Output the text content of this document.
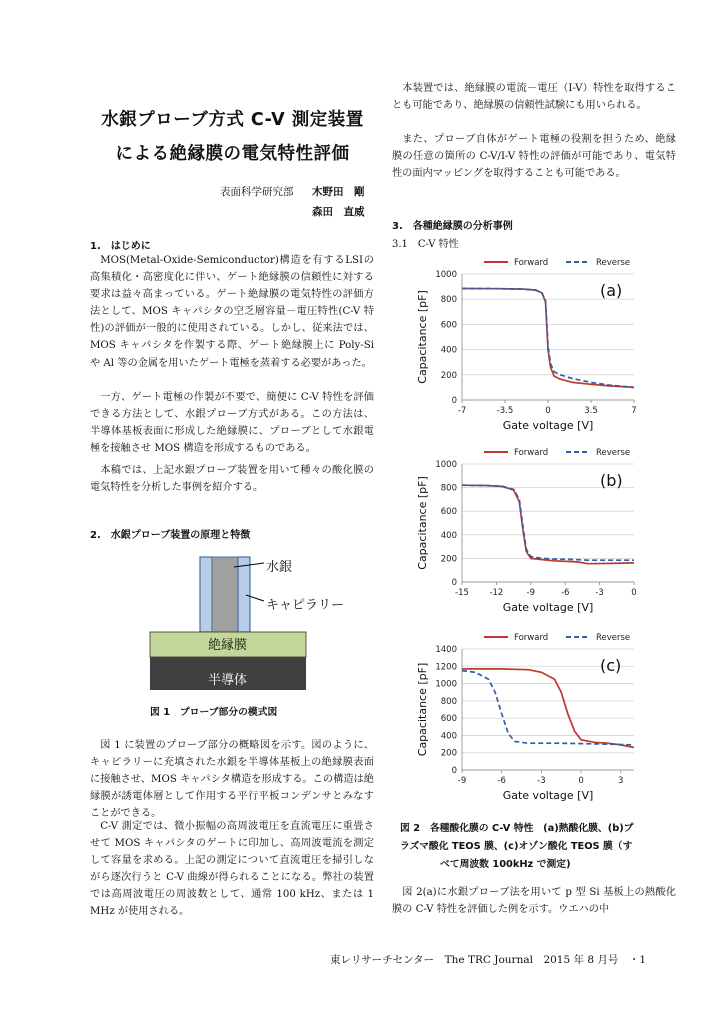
水銀プローブ方式 C-V 測定装置
による絶縁膜の電気特性評価
表面科学研究部 木野田　剛
森田　直威
1.　はじめに

MOS(Metal-Oxide-Semiconductor)構造を有するLSIの高集積化・高密度化に伴い、ゲート絶縁膜の信頼性に対する要求は益々高まっている。ゲート絶縁膜の電気特性の評価方法として、MOS キャパシタの空乏層容量－電圧特性(C-V 特性)の評価が一般的に使用されている。しかし、従来法では、MOS キャパシタを作製する際、ゲート絶縁膜上に Poly-Si や Al 等の金属を用いたゲート電極を蒸着する必要があった。

一方、ゲート電極の作製が不要で、簡便に C-V 特性を評価できる方法として、水銀プローブ方式がある。この方法は、半導体基板表面に形成した絶縁膜に、プローブとして水銀電極を接触させ MOS 構造を形成するものである。

本稿では、上記水銀プローブ装置を用いて種々の酸化膜の電気特性を分析した事例を紹介する。

2.　水銀プローブ装置の原理と特徴
水銀
キャピラリー
絶縁膜
半導体
図 1　プローブ部分の模式図

図 1 に装置のプローブ部分の概略図を示す。図のように、キャピラリーに充填された水銀を半導体基板上の絶縁膜表面に接触させ、MOS キャパシタ構造を形成する。この構造は絶縁膜が誘電体層として作用する平行平板コンデンサとみなすことができる。

C-V 測定では、微小振幅の高周波電圧を直流電圧に重畳させて MOS キャパシタのゲートに印加し、高周波電流を測定して容量を求める。上記の測定について直流電圧を掃引しながら逐次行うと C-V 曲線が得られることになる。弊社の装置では高周波電圧の周波数として、通常 100 kHz、または 1 MHz が使用される。

本装置では、絶縁膜の電流－電圧（I-V）特性を取得することも可能であり、絶縁膜の信頼性試験にも用いられる。

また、プローブ自体がゲート電極の役割を担うため、絶縁膜の任意の箇所の C-V/I-V 特性の評価が可能であり、電気特性の面内マッピングを取得することも可能である。

3.　各種絶縁膜の分析事例
3.1　C-V 特性
Forward	Reverse
0
200
400
600
800
1000
-7	-3.5	0	3.5	7
(a)
Gate voltage [V]
Capacitance [pF]
Forward	Reverse
0
200
400
600
800
1000
-15 -12	-9	-6	-3	0
(b)
Gate voltage [V]
Capacitance [pF]
Forward	Reverse
0
200
400
600
800
1000
1200
1400
-9	-6	-3	0	3
(c)
Gate voltage [V]
Capacitance [pF]
図 2　各種酸化膜の C-V 特性　(a)熱酸化膜、(b)プ
ラズマ酸化 TEOS 膜、(c)オゾン酸化 TEOS 膜（す
べて周波数 100kHz で測定)

図 2(a)に水銀プローブ法を用いて p 型 Si 基板上の熱酸化膜の C-V 特性を評価した例を示す。ウエハの中

東レリサーチセンター　The TRC Journal　2015 年 8 月号　・1
